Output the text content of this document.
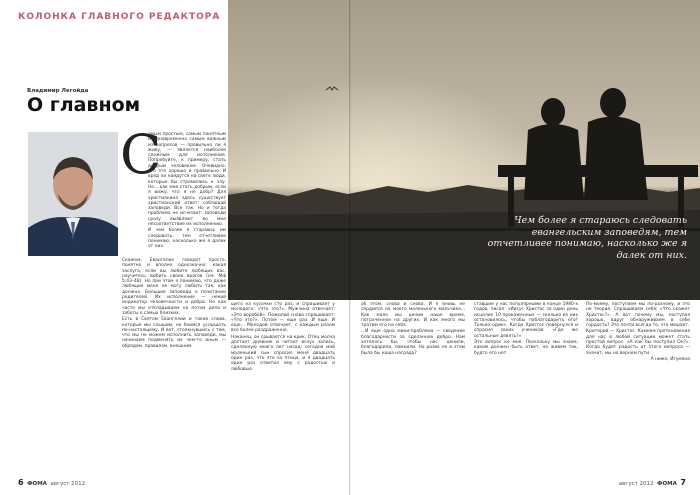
КОЛОНКА ГЛАВНОГО РЕДАКТОРА
Владимир Легойда
О главном
С

амым простым, самым понятным и одновременно самым важным из вопросов — правильно ли я живу, — является наиболее сложным для исполнения. Попробуйте, к примеру, стать добрым человеком. Очевидно, что это хорошо и правильно. И вряд ли найдутся на свете люди, которые бы стремились к злу. Но... как мне стать добрым, если я вижу, что я не добр? Для христианина здесь существует христианский ответ: соблюдай заповеди. Все так. Но и тогда проблема не исчезает: заповеди сразу выявляют во мне несоответствие их исполнению.

И чем более я стараюсь им следовать, тем отчетливее понимаю, насколько же я далек от них.

Скажем, Евангелие говорит просто, понятно и вполне однозначно: какая заслуга, если вы любите любящих вас, научитесь любить своих врагов (см. Мф 5:43–48). Но при этом я понимаю, что даже любящих меня не могу любить так, как должно. Большие заповеди о почитании родителей. Их исполнение — некий индикатор человечности и добра. Но как часто мы откладываем на потом дела и заботы о самых близких.

Есть в Святом Евангелии и такие слова, которые мы слышим, но боимся услышать по-настоящему. И вот, столкнувшись с тем, что мы не можем исполнить заповеди, мы начинаем подменять их чем-то иным — обрядом, правилом, внешним.

щего на кусочки сто раз, и спрашивает у молодого: «Что это?». Мужчина отвечает: «Это воробей». Пожилой снова спрашивает: «Что это?». Потом — еще раз. И еще. И еще... Молодой отвечает, с каждым разом все более раздраженно.

Наконец, он срывается на крик. Отец молча достает дневник и читает вслух запись, сделанную много лет назад: сегодня мой маленький сын спросил меня двадцать один раз, что это за птица, и я двадцать один раз ответил ему с радостью и любовью.

об этом, снова и снова. И я вновь не сердился на моего маленького мальчика... Как мало мы ценим наше время, потраченное на других. И как много мы тратим его на себя.

...И еще одна мини-проблема — сведение благодарности за сделанное добро. Нам хотелось бы, чтобы нас ценили, благодарили, помнили. Но разве не в этом была бы наша награда?

ставшие у нас популярными в конце 1980-х годов, писал: «Иисус Христос за один день исцелил 10 прокаженных — сколько из них остановилось, чтобы поблагодарить его? Только один». Когда Христос повернулся и спросил своих учеников: «Где же остальные девять?»

Это вопрос ко мне. Поскольку мы знаем, каким должен быть ответ, но живем так, будто его нет.

По-моему, поступаем мы по-разному, и это не теория. Спрашиваем себя: «Что скажет Христос?». А вот почему мы, поступая хорошо, вдруг обнаруживаем в себе гордость? Это почти всегда то, что мешает.

Критерий — Христос. Камнем преткновения для нас в любой ситуации может стать простой вопрос: «А как бы поступил Он?». Когда будет радость от этого вопроса — значит, мы на верном пути.

А ниже, Игумена

Чем более я стараюсь следовать евангельским заповедям, тем отчетливее понимаю, насколько же я далек от них.
6 ФОМА август 2012	август 2012 ФОМА 7
